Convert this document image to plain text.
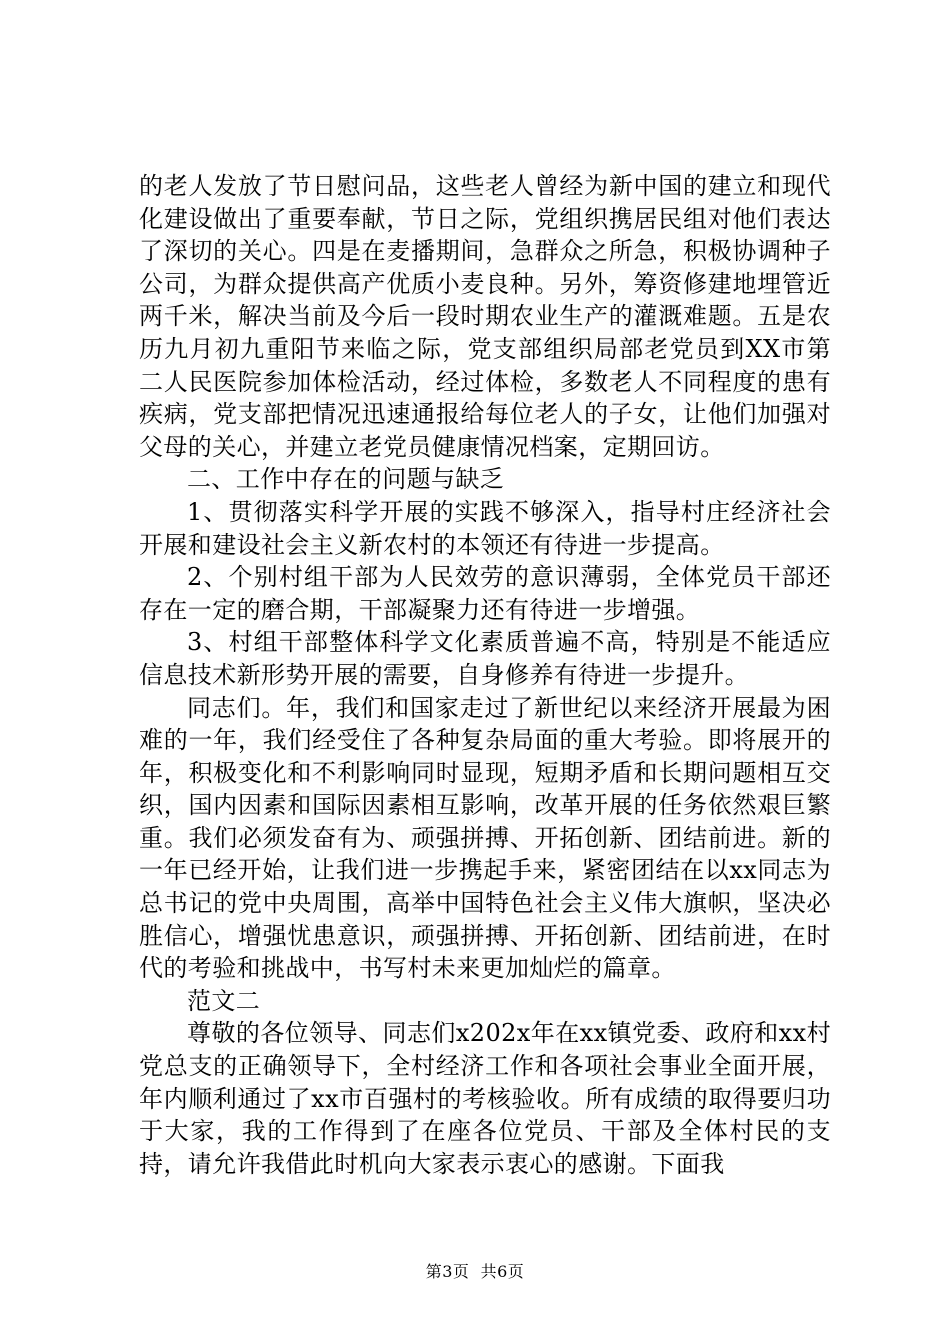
的老人发放了节日慰问品，这些老人曾经为新中国的建立和现代化建设做出了重要奉献，节日之际，党组织携居民组对他们表达了深切的关心。四是在麦播期间，急群众之所急，积极协调种子公司，为群众提供高产优质小麦良种。另外，筹资修建地埋管近两千米，解决当前及今后一段时期农业生产的灌溉难题。五是农历九月初九重阳节来临之际，党支部组织局部老党员到XX市第二人民医院参加体检活动，经过体检，多数老人不同程度的患有疾病，党支部把情况迅速通报给每位老人的子女，让他们加强对父母的关心，并建立老党员健康情况档案，定期回访。

二、工作中存在的问题与缺乏

1、贯彻落实科学开展的实践不够深入，指导村庄经济社会开展和建设社会主义新农村的本领还有待进一步提高。

2、个别村组干部为人民效劳的意识薄弱，全体党员干部还存在一定的磨合期，干部凝聚力还有待进一步增强。

3、村组干部整体科学文化素质普遍不高，特别是不能适应信息技术新形势开展的需要，自身修养有待进一步提升。

同志们。年，我们和国家走过了新世纪以来经济开展最为困难的一年，我们经受住了各种复杂局面的重大考验。即将展开的年，积极变化和不利影响同时显现，短期矛盾和长期问题相互交织，国内因素和国际因素相互影响，改革开展的任务依然艰巨繁重。我们必须发奋有为、顽强拼搏、开拓创新、团结前进。新的一年已经开始，让我们进一步携起手来，紧密团结在以xx同志为总书记的党中央周围，高举中国特色社会主义伟大旗帜，坚决必胜信心，增强忧患意识，顽强拼搏、开拓创新、团结前进，在时代的考验和挑战中，书写村未来更加灿烂的篇章。

范文二

尊敬的各位领导、同志们x202x年在xx镇党委、政府和xx村党总支的正确领导下，全村经济工作和各项社会事业全面开展，年内顺利通过了xx市百强村的考核验收。所有成绩的取得要归功于大家，我的工作得到了在座各位党员、干部及全体村民的支持，请允许我借此时机向大家表示衷心的感谢。下面我

第3页  共6页
